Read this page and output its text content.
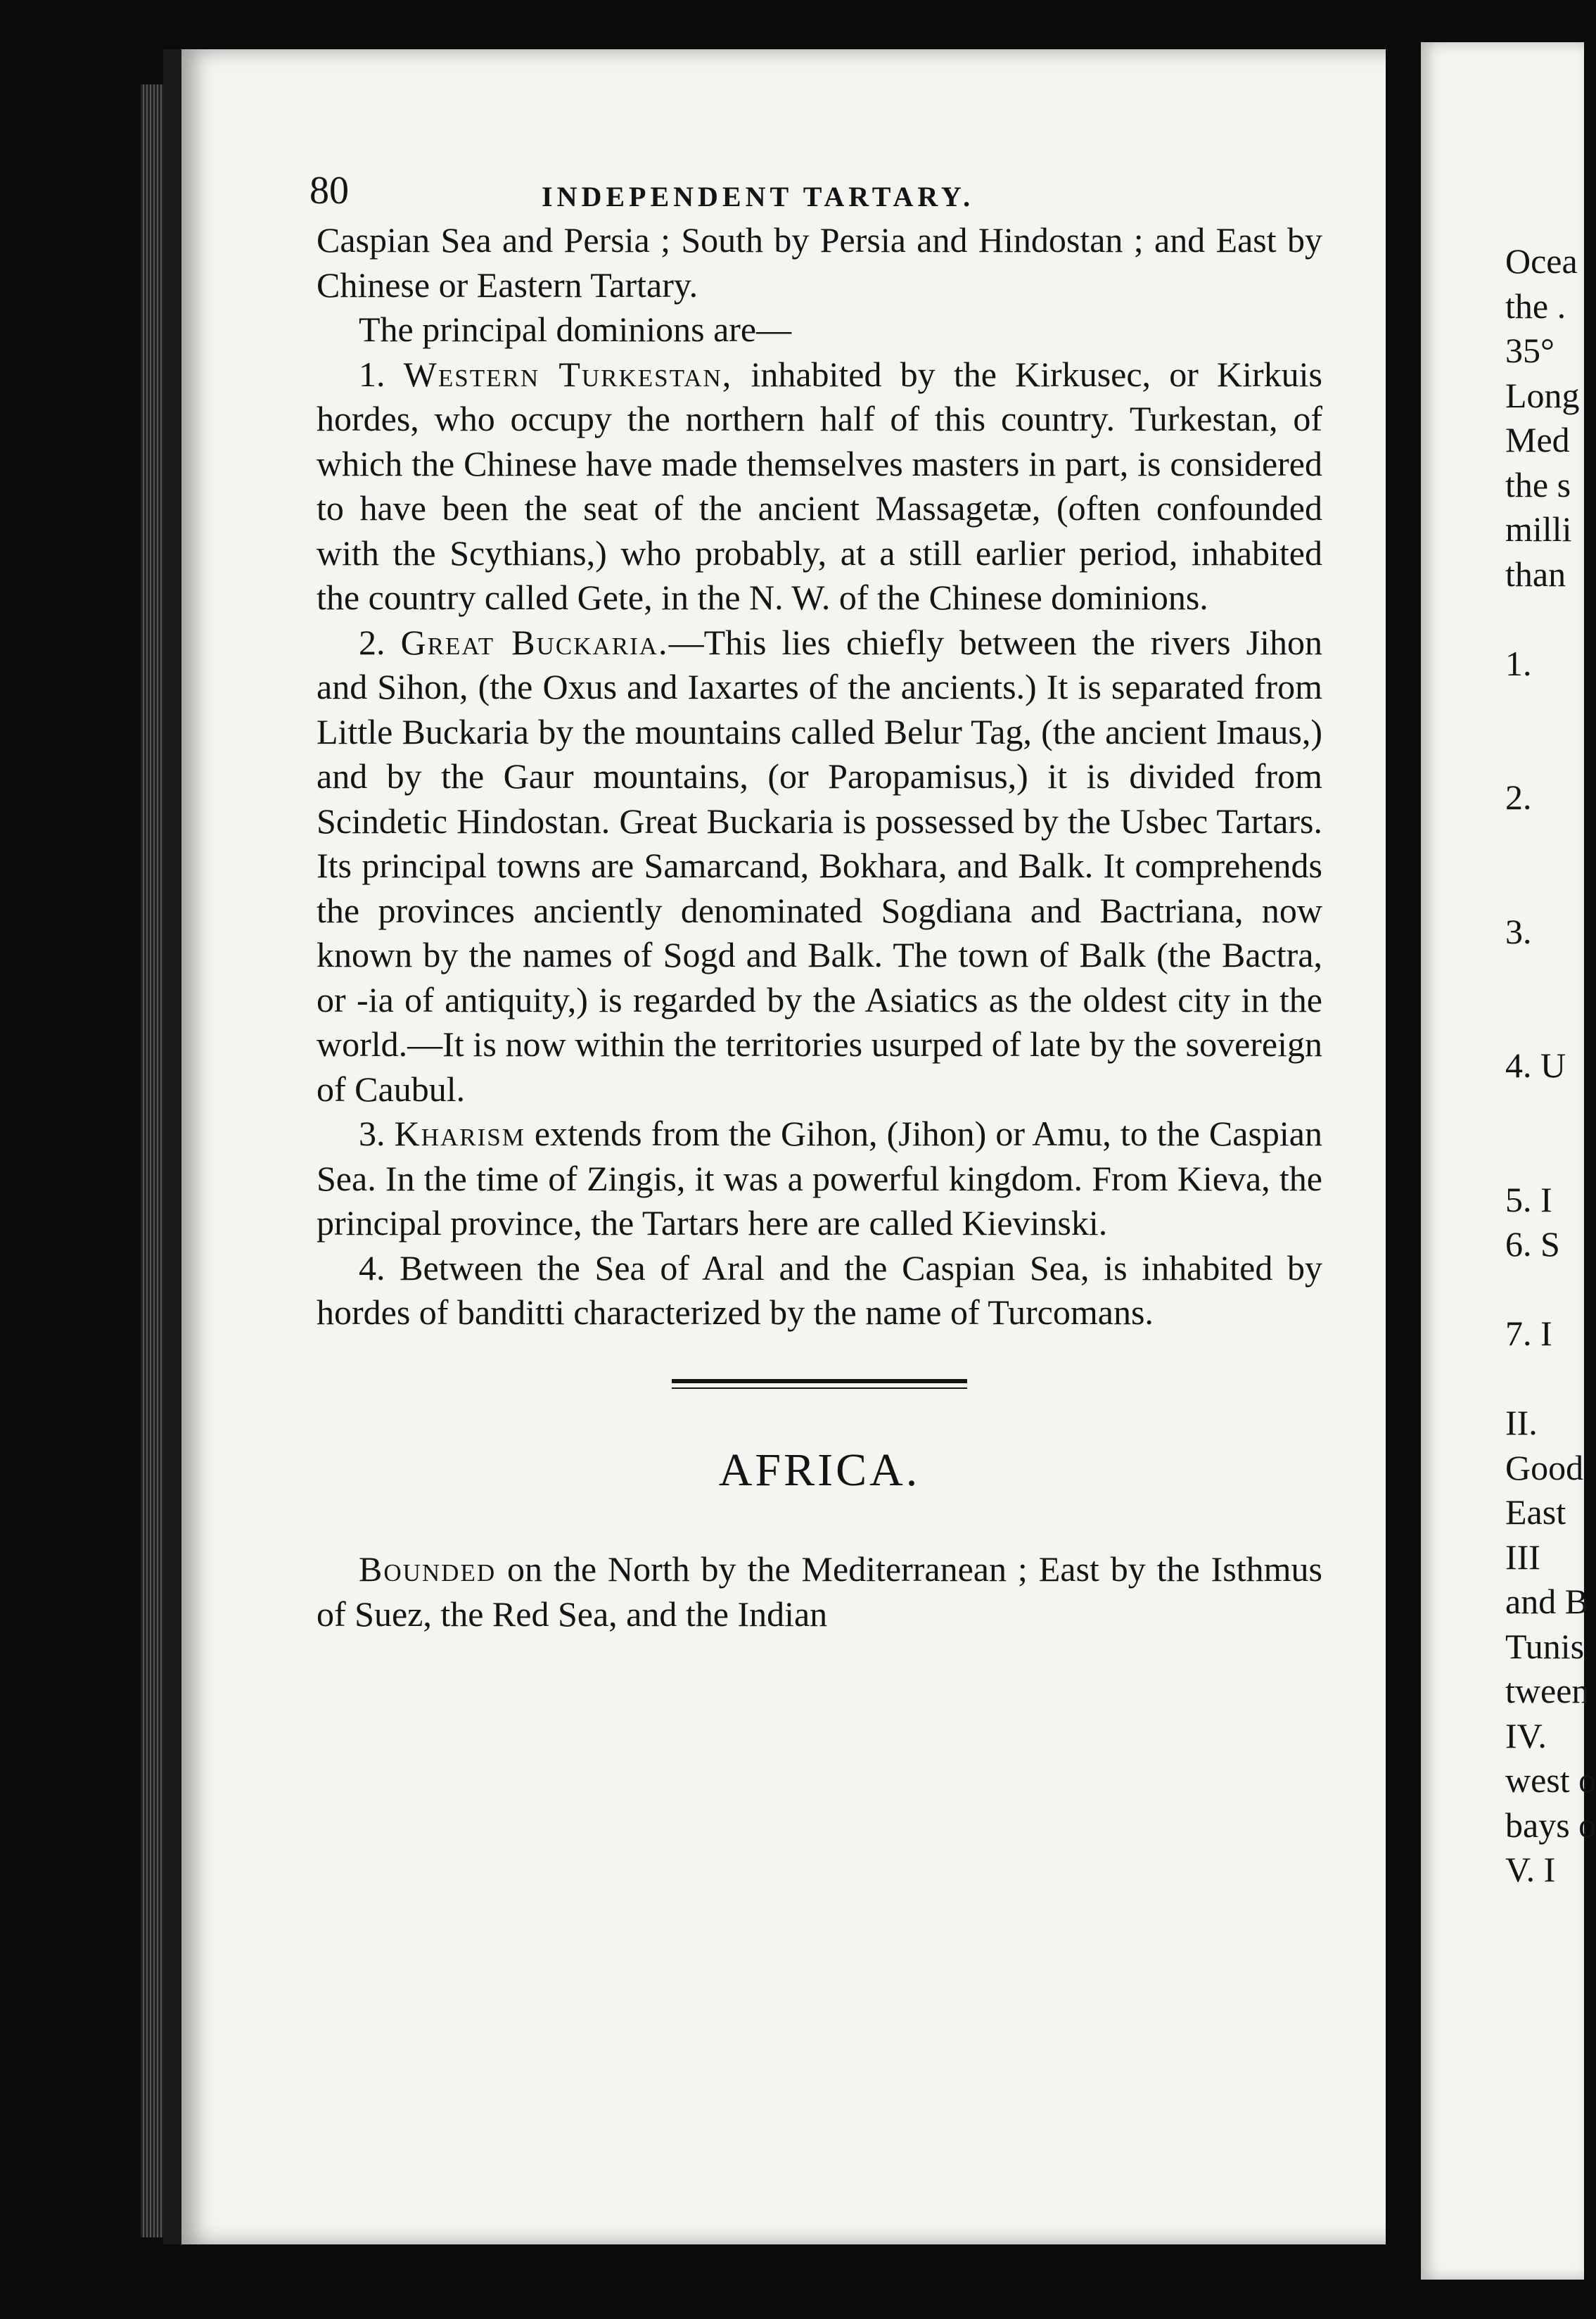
80	INDEPENDENT TARTARY.

Caspian Sea and Persia ; South by Persia and Hindostan ; and East by Chinese or Eastern Tartary.

The principal dominions are—

1. Western Turkestan, inhabited by the Kirkusec, or Kirkuis hordes, who occupy the northern half of this country. Turkestan, of which the Chinese have made themselves masters in part, is considered to have been the seat of the ancient Massagetæ, (often confounded with the Scythians,) who probably, at a still earlier period, inhabited the country called Gete, in the N. W. of the Chinese dominions.

2. Great Buckaria.—This lies chiefly between the rivers Jihon and Sihon, (the Oxus and Iaxartes of the ancients.) It is separated from Little Buckaria by the mountains called Belur Tag, (the ancient Imaus,) and by the Gaur mountains, (or Paropamisus,) it is divided from Scindetic Hindostan. Great Buckaria is possessed by the Usbec Tartars. Its principal towns are Samarcand, Bokhara, and Balk. It comprehends the provinces anciently denominated Sogdiana and Bactriana, now known by the names of Sogd and Balk. The town of Balk (the Bactra, or -ia of antiquity,) is regarded by the Asiatics as the oldest city in the world.—It is now within the territories usurped of late by the sovereign of Caubul.

3. Kharism extends from the Gihon, (Jihon) or Amu, to the Caspian Sea. In the time of Zingis, it was a powerful kingdom. From Kieva, the principal province, the Tartars here are called Kievinski.

4. Between the Sea of Aral and the Caspian Sea, is inhabited by hordes of banditti characterized by the name of Turcomans.

AFRICA.

Bounded on the North by the Mediterranean ; East by the Isthmus of Suez, the Red Sea, and the Indian

Ocea
the .
35°
Long
Med
the s
milli
than
1.
2.
3.
4. U
5. I
6. S
7. I
II.
Good
East
III
and B
Tunis
tween
IV.
west o
bays o
V. I
